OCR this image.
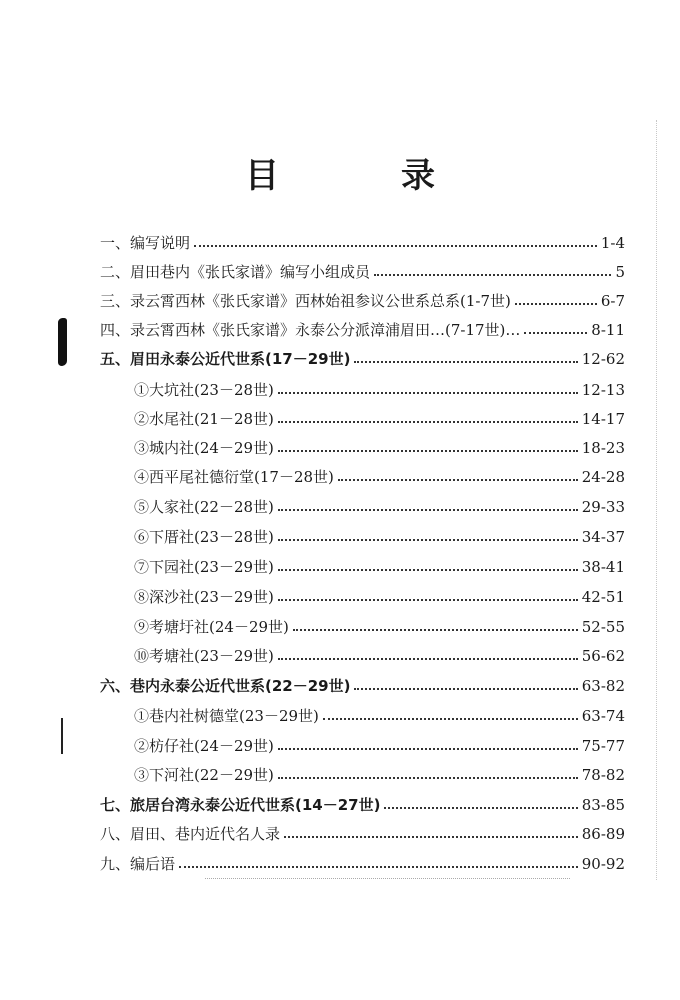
目　录
一、编写说明	1-4
二、眉田巷内《张氏家谱》编写小组成员	5
三、录云霄西林《张氏家谱》西林始祖参议公世系总系(1-7世)	6-7
四、录云霄西林《张氏家谱》永泰公分派漳浦眉田…(7-17世)…	8-11
五、眉田永泰公近代世系(17－29世)	12-62
①大坑社(23－28世)	12-13
②水尾社(21－28世)	14-17
③城内社(24－29世)	18-23
④西平尾社德衍堂(17－28世)	24-28
⑤人家社(22－28世)	29-33
⑥下厝社(23－28世)	34-37
⑦下园社(23－29世)	38-41
⑧深沙社(23－29世)	42-51
⑨考塘圩社(24－29世)	52-55
⑩考塘社(23－29世)	56-62
六、巷内永泰公近代世系(22－29世)	63-82
①巷内社树德堂(23－29世)	63-74
②枋仔社(24－29世)	75-77
③下河社(22－29世)	78-82
七、旅居台湾永泰公近代世系(14－27世)	83-85
八、眉田、巷内近代名人录	86-89
九、编后语	90-92
